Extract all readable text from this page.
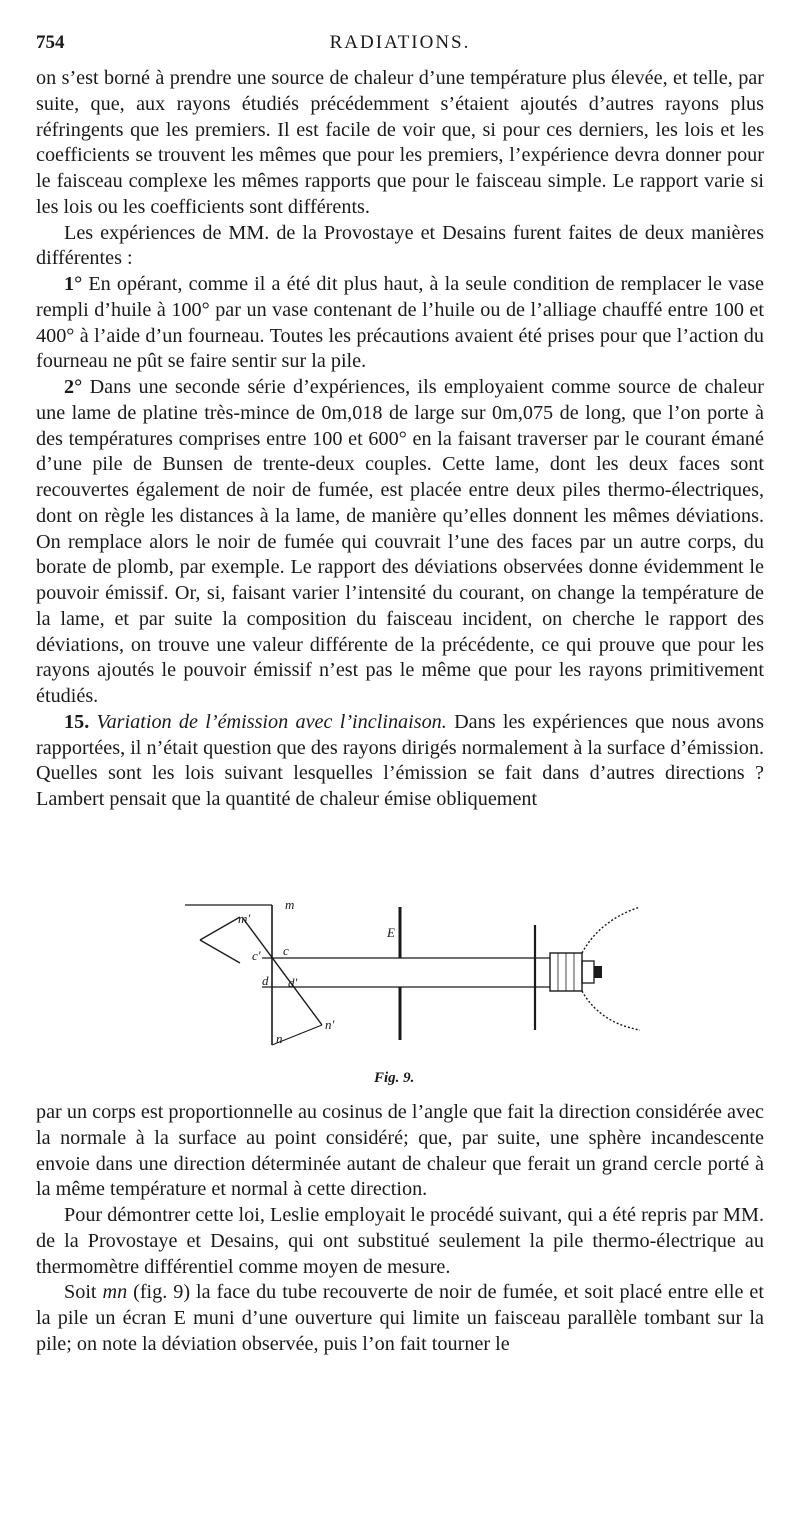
754	RADIATIONS.

on s’est borné à prendre une source de chaleur d’une température plus élevée, et telle, par suite, que, aux rayons étudiés précédemment s’étaient ajoutés d’autres rayons plus réfringents que les premiers. Il est facile de voir que, si pour ces derniers, les lois et les coefficients se trouvent les mêmes que pour les premiers, l’expérience devra donner pour le faisceau complexe les mêmes rapports que pour le faisceau simple. Le rapport varie si les lois ou les coefficients sont différents.

Les expériences de MM. de la Provostaye et Desains furent faites de deux manières différentes :

1° En opérant, comme il a été dit plus haut, à la seule condition de remplacer le vase rempli d’huile à 100° par un vase contenant de l’huile ou de l’alliage chauffé entre 100 et 400° à l’aide d’un fourneau. Toutes les précautions avaient été prises pour que l’action du fourneau ne pût se faire sentir sur la pile.

2° Dans une seconde série d’expériences, ils employaient comme source de chaleur une lame de platine très-mince de 0m,018 de large sur 0m,075 de long, que l’on porte à des températures comprises entre 100 et 600° en la faisant traverser par le courant émané d’une pile de Bunsen de trente-deux couples. Cette lame, dont les deux faces sont recouvertes également de noir de fumée, est placée entre deux piles thermo-électriques, dont on règle les distances à la lame, de manière qu’elles donnent les mêmes déviations. On remplace alors le noir de fumée qui couvrait l’une des faces par un autre corps, du borate de plomb, par exemple. Le rapport des déviations observées donne évidemment le pouvoir émissif. Or, si, faisant varier l’intensité du courant, on change la température de la lame, et par suite la composition du faisceau incident, on cherche le rapport des déviations, on trouve une valeur différente de la précédente, ce qui prouve que pour les rayons ajoutés le pouvoir émissif n’est pas le même que pour les rayons primitivement étudiés.

15. Variation de l’émission avec l’inclinaison. Dans les expériences que nous avons rapportées, il n’était question que des rayons dirigés normalement à la surface d’émission. Quelles sont les lois suivant lesquelles l’émission se fait dans d’autres directions ? Lambert pensait que la quantité de chaleur émise obliquement

m
m′
c′ c
d d′
E
n
n′
Fig. 9.

par un corps est proportionnelle au cosinus de l’angle que fait la direction considérée avec la normale à la surface au point considéré; que, par suite, une sphère incandescente envoie dans une direction déterminée autant de chaleur que ferait un grand cercle porté à la même température et normal à cette direction.

Pour démontrer cette loi, Leslie employait le procédé suivant, qui a été repris par MM. de la Provostaye et Desains, qui ont substitué seulement la pile thermo-électrique au thermomètre différentiel comme moyen de mesure.

Soit mn (fig. 9) la face du tube recouverte de noir de fumée, et soit placé entre elle et la pile un écran E muni d’une ouverture qui limite un faisceau parallèle tombant sur la pile; on note la déviation observée, puis l’on fait tourner le
